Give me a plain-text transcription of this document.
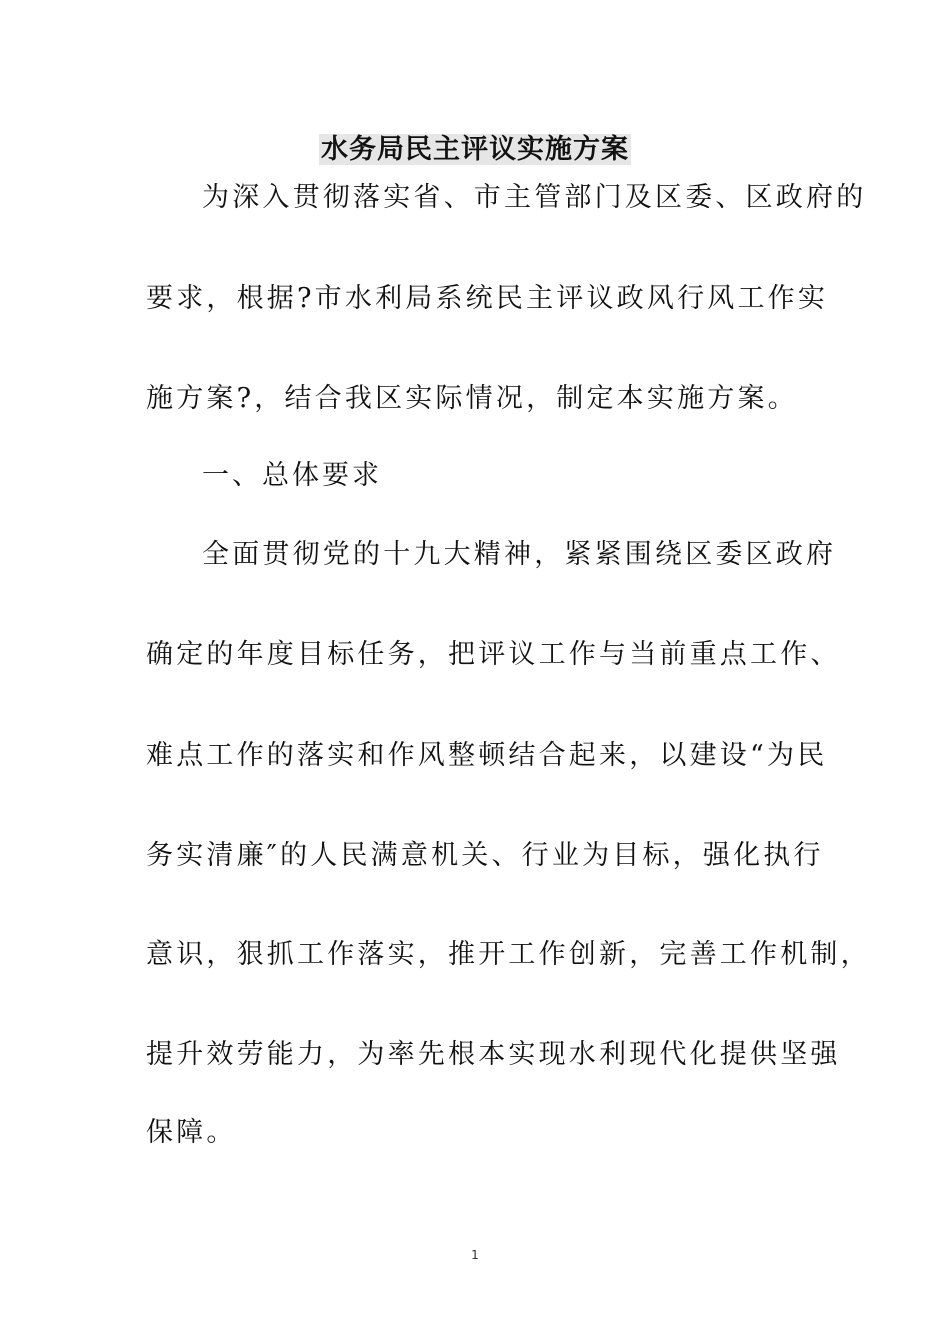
水务局民主评议实施方案
为深入贯彻落实省、市主管部门及区委、区政府的
要求，根据?市水利局系统民主评议政风行风工作实
施方案?，结合我区实际情况，制定本实施方案。
一、总体要求
全面贯彻党的十九大精神，紧紧围绕区委区政府
确定的年度目标任务，把评议工作与当前重点工作、
难点工作的落实和作风整顿结合起来，以建设“为民
务实清廉″的人民满意机关、行业为目标，强化执行
意识，狠抓工作落实，推开工作创新，完善工作机制，
提升效劳能力，为率先根本实现水利现代化提供坚强
保障。
1
